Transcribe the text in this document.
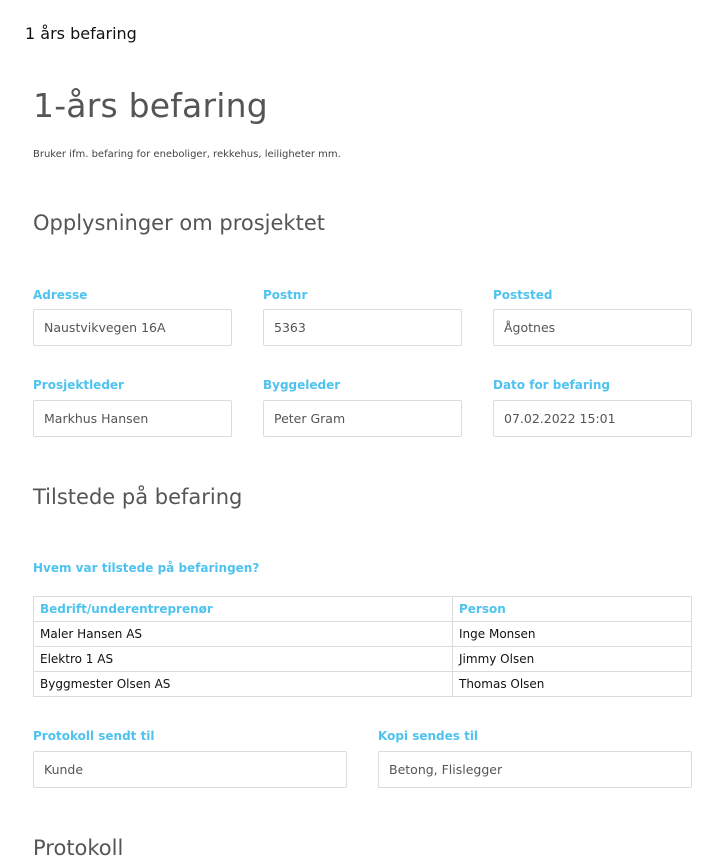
1 års befaring
1-års befaring

Bruker ifm. befaring for eneboliger, rekkehus, leiligheter mm.

Opplysninger om prosjektet
Adresse
Naustvikvegen 16A
Postnr
5363
Poststed
Ågotnes
Prosjektleder
Markhus Hansen
Byggeleder
Peter Gram
Dato for befaring
07.02.2022 15:01
Tilstede på befaring
Hvem var tilstede på befaringen?
Bedrift/underentreprenør	Person
Maler Hansen AS	Inge Monsen
Elektro 1 AS	Jimmy Olsen
Byggmester Olsen AS	Thomas Olsen
Protokoll sendt til
Kunde
Kopi sendes til
Betong, Flislegger
Protokoll
